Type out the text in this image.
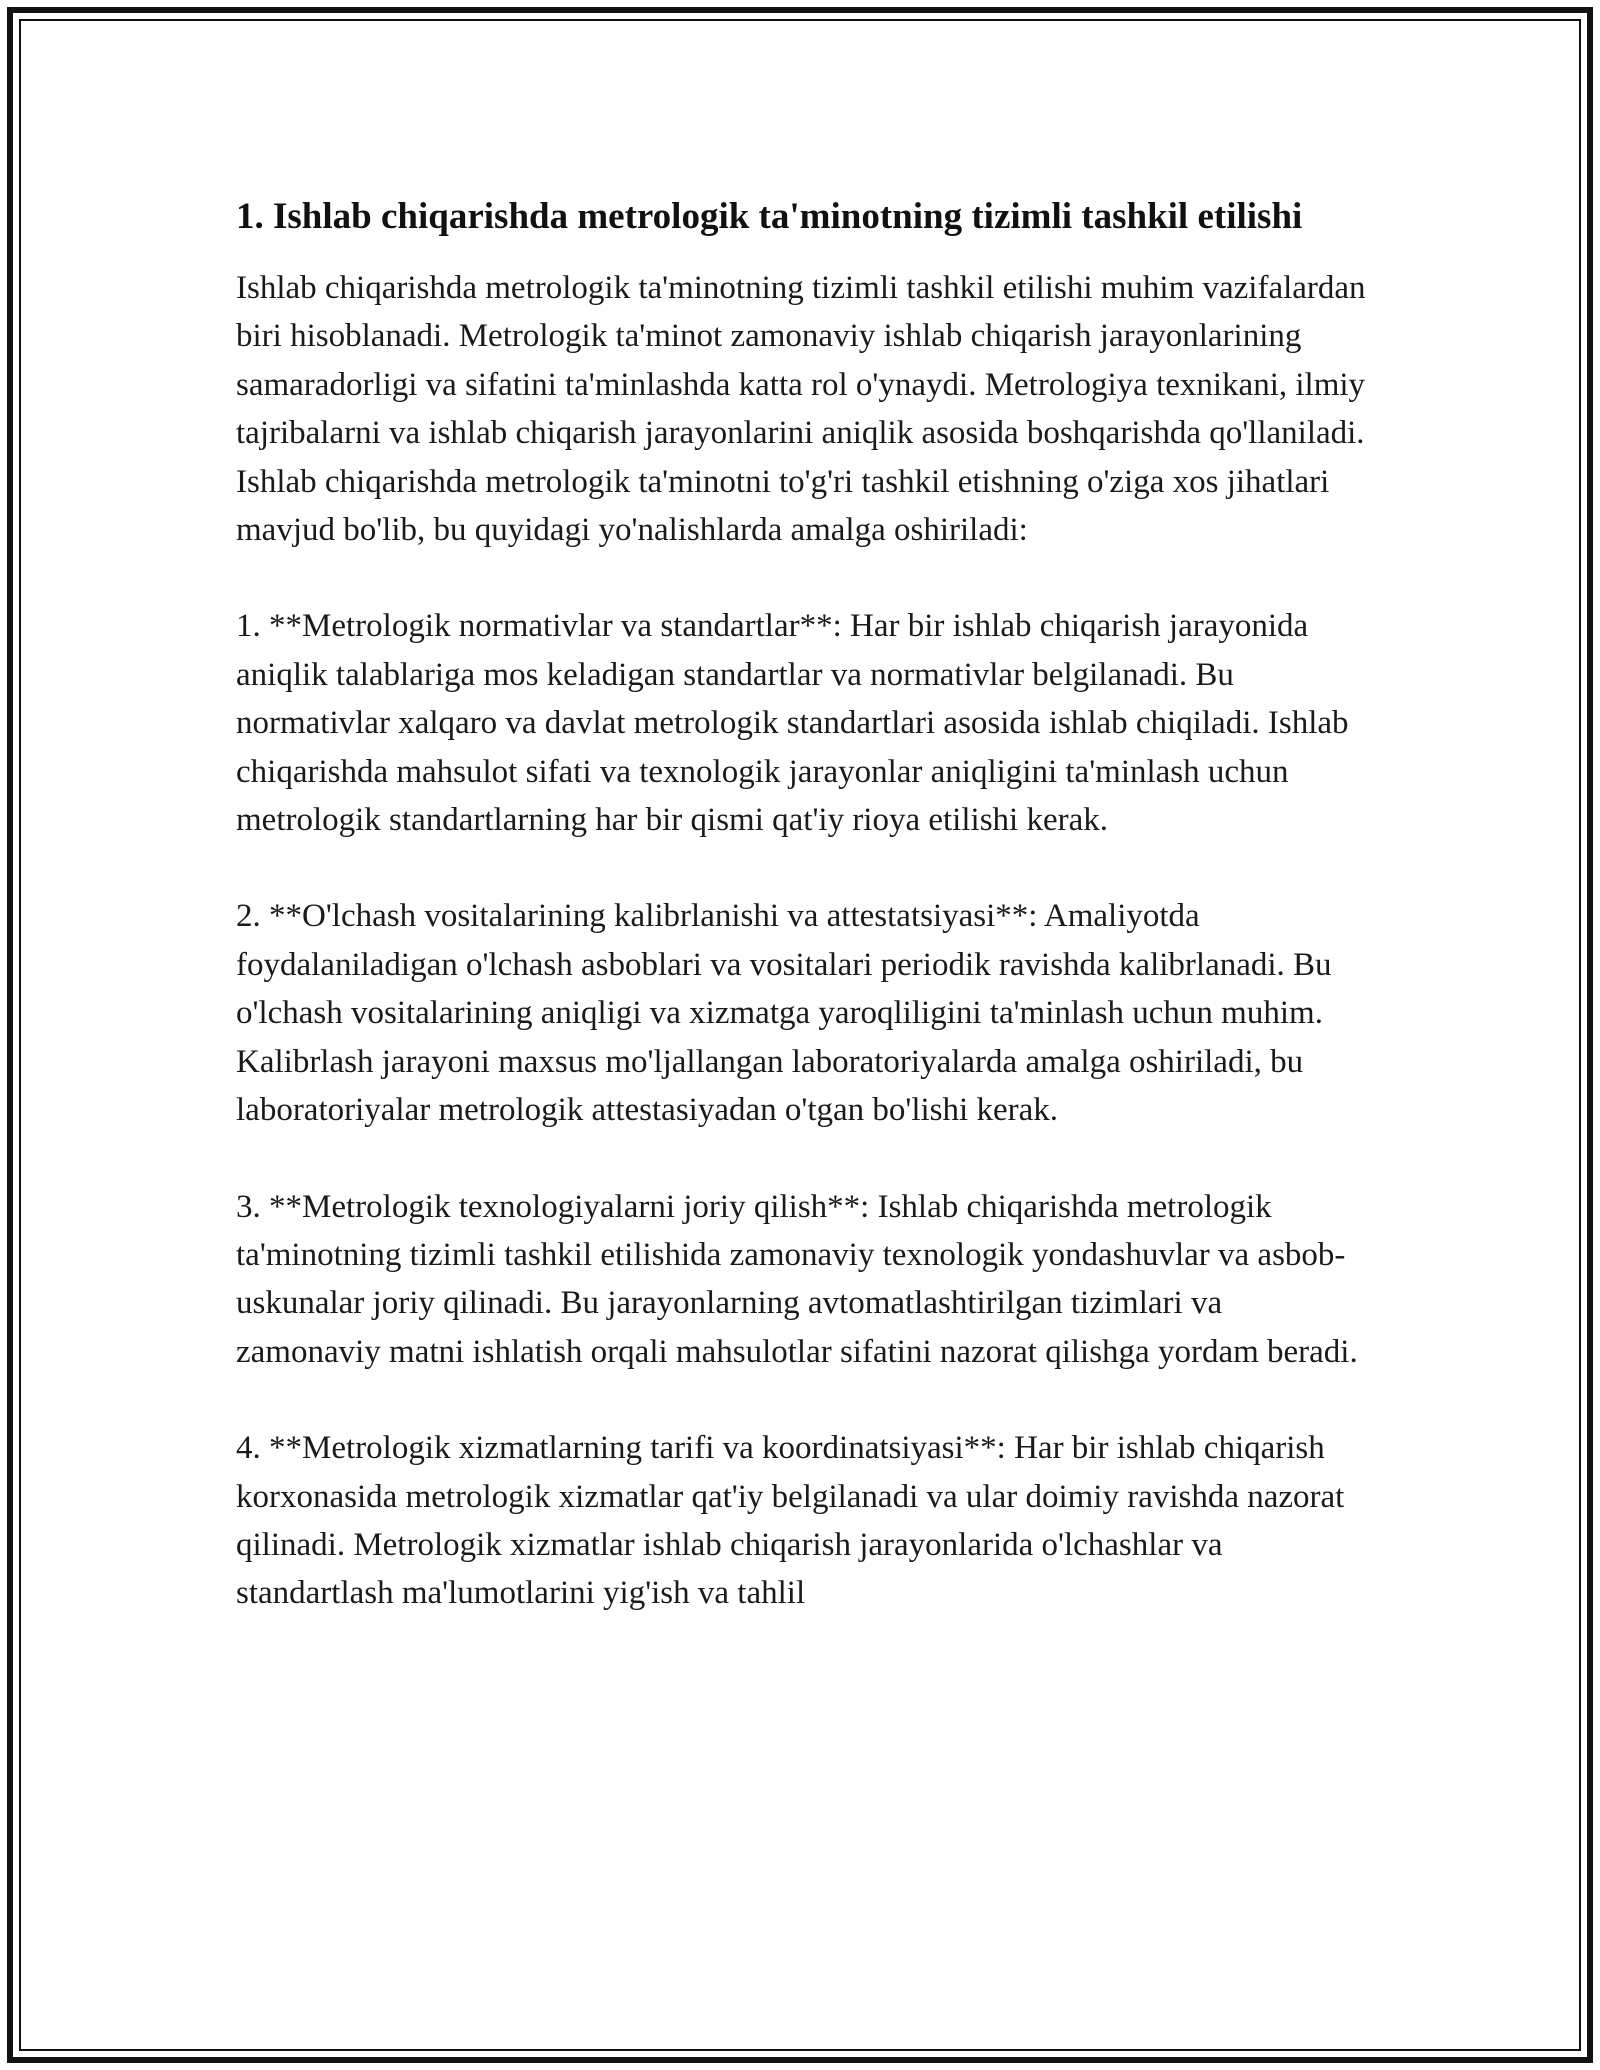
1. Ishlab chiqarishda metrologik ta'minotning tizimli tashkil etilishi

Ishlab chiqarishda metrologik ta'minotning tizimli tashkil etilishi muhim vazifalardan biri hisoblanadi. Metrologik ta'minot zamonaviy ishlab chiqarish jarayonlarining samaradorligi va sifatini ta'minlashda katta rol o'ynaydi. Metrologiya texnikani, ilmiy tajribalarni va ishlab chiqarish jarayonlarini aniqlik asosida boshqarishda qo'llaniladi. Ishlab chiqarishda metrologik ta'minotni to'g'ri tashkil etishning o'ziga xos jihatlari mavjud bo'lib, bu quyidagi yo'nalishlarda amalga oshiriladi:

1. **Metrologik normativlar va standartlar**: Har bir ishlab chiqarish jarayonida aniqlik talablariga mos keladigan standartlar va normativlar belgilanadi. Bu normativlar xalqaro va davlat metrologik standartlari asosida ishlab chiqiladi. Ishlab chiqarishda mahsulot sifati va texnologik jarayonlar aniqligini ta'minlash uchun metrologik standartlarning har bir qismi qat'iy rioya etilishi kerak.

2. **O'lchash vositalarining kalibrlanishi va attestatsiyasi**: Amaliyotda foydalaniladigan o'lchash asboblari va vositalari periodik ravishda kalibrlanadi. Bu o'lchash vositalarining aniqligi va xizmatga yaroqliligini ta'minlash uchun muhim. Kalibrlash jarayoni maxsus mo'ljallangan laboratoriyalarda amalga oshiriladi, bu laboratoriyalar metrologik attestasiyadan o'tgan bo'lishi kerak.

3. **Metrologik texnologiyalarni joriy qilish**: Ishlab chiqarishda metrologik ta'minotning tizimli tashkil etilishida zamonaviy texnologik yondashuvlar va asbob-uskunalar joriy qilinadi. Bu jarayonlarning avtomatlashtirilgan tizimlari va zamonaviy matni ishlatish orqali mahsulotlar sifatini nazorat qilishga yordam beradi.

4. **Metrologik xizmatlarning tarifi va koordinatsiyasi**: Har bir ishlab chiqarish korxonasida metrologik xizmatlar qat'iy belgilanadi va ular doimiy ravishda nazorat qilinadi. Metrologik xizmatlar ishlab chiqarish jarayonlarida o'lchashlar va standartlash ma'lumotlarini yig'ish va tahlil
